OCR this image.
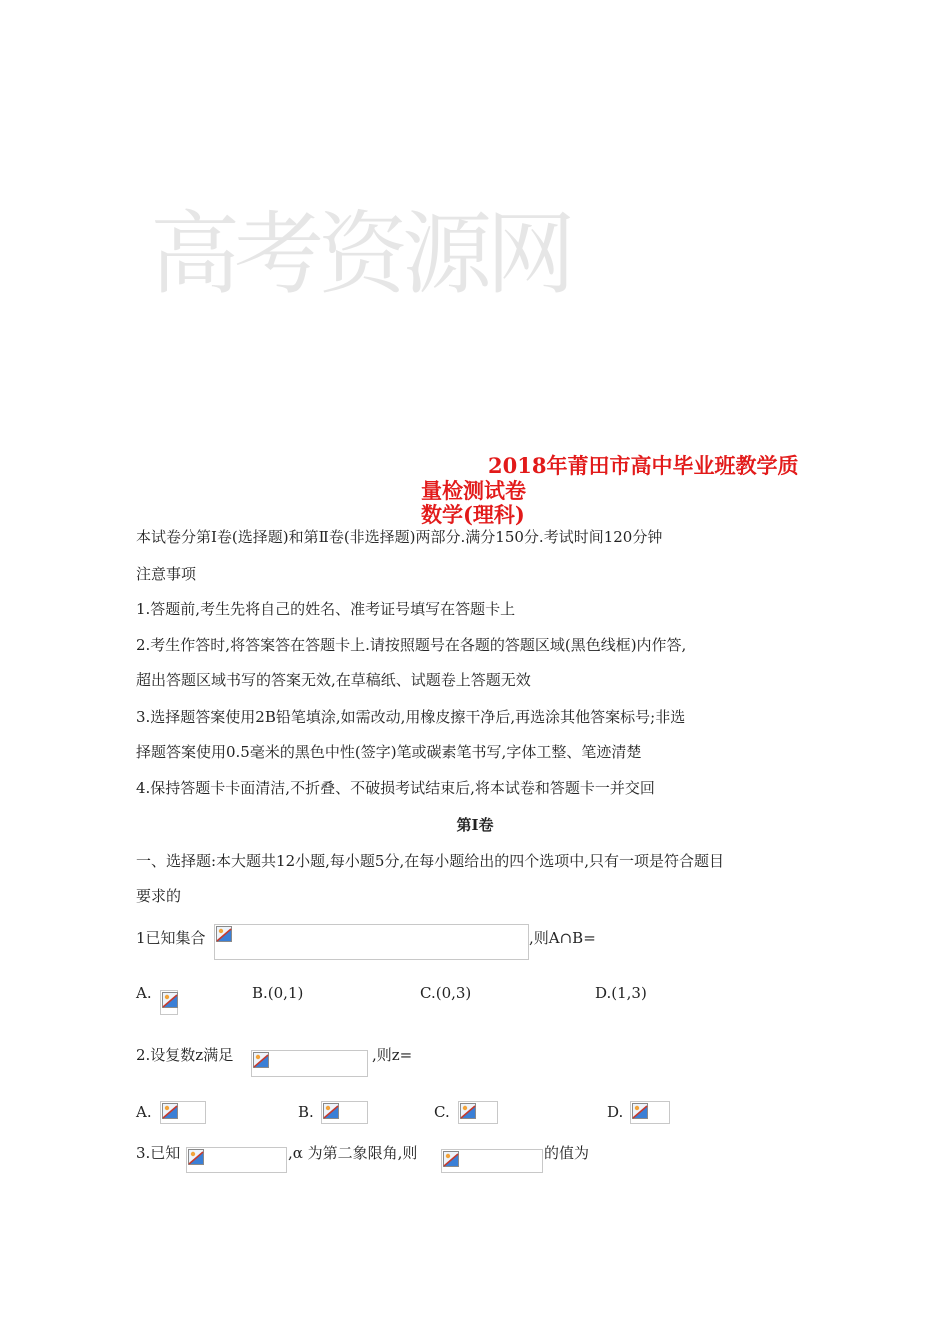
高考资源网
2018年莆田市高中毕业班教学质
量检测试卷
数学(理科)
本试卷分第Ⅰ卷(选择题)和第Ⅱ卷(非选择题)两部分.满分150分.考试时间120分钟
注意事项
1.答题前,考生先将自己的姓名、准考证号填写在答题卡上
2.考生作答时,将答案答在答题卡上.请按照题号在各题的答题区域(黑色线框)内作答,
超出答题区域书写的答案无效,在草稿纸、试题卷上答题无效
3.选择题答案使用2B铅笔填涂,如需改动,用橡皮擦干净后,再选涂其他答案标号;非选
择题答案使用0.5毫米的黑色中性(签字)笔或碳素笔书写,字体工整、笔迹清楚
4.保持答题卡卡面清洁,不折叠、不破损考试结束后,将本试卷和答题卡一并交回
第Ⅰ卷
一、选择题:本大题共12小题,每小题5分,在每小题给出的四个选项中,只有一项是符合题目
要求的
1已知集合	,则A∩B=
A.	B.(0,1)	C.(0,3)	D.(1,3)
2.设复数z满足	,则z=
A.	B.	C.	D.
3.已知	,α 为第二象限角,则	的值为
